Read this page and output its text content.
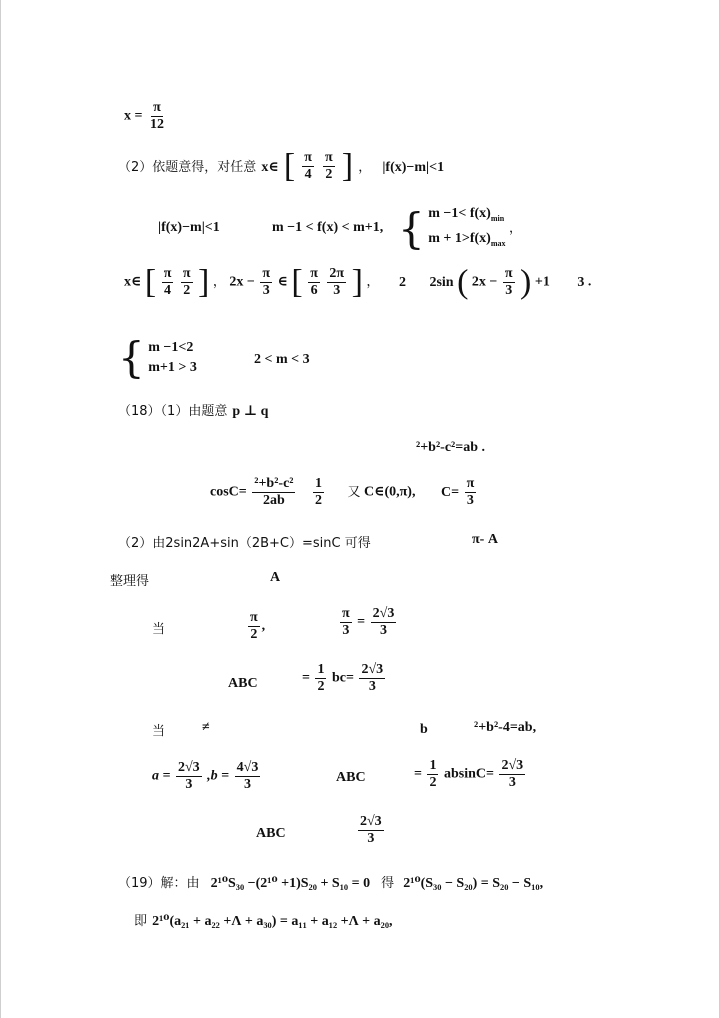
$x = \frac{\pi}{12}$
（2）依题意得，对任意 x∈ [ $\frac{\pi}{4}$
$\frac{\pi}{2}$ ] ， |f(x)−m|<1
|f(x)−m|<1	m −1 < f(x) < m+1, { $m -1< f(x)_{min}$
$m + 1>f(x)_{max}$
，
x∈ [ $\frac{\pi}{4}$
$\frac{\pi}{2}$ ] ， $2x - \frac{\pi}{3}$ ∈ [ $\frac{\pi}{6}$
$\frac{2\pi}{3}$ ] ， 2 2sin ( $2x - \frac{\pi}{3}$ ) +1 3 .
{ m −1<2
m+1 > 3
2 < m < 3
（18）（1）由题意 p ⊥ q
²+b²-c²=ab .
$\cos C= \frac{\text{²+b²-c²}}{2ab}$
$\frac{1}{2}$ 又 C∈(0,π), $C= \frac{\pi}{3}$
（2）由2sin2A+sin（2B+C）=sinC 可得	π- A
整理得	A
当	$\frac{\pi}{2}$ ,	$\frac{\pi}{3} = \frac{2√3}{3}$
ABC	= $\frac{1}{2} bc= \frac{2√3}{3}$
当	≠	b	²+b²-4=ab,
$a = \frac{2√3}{3} ,b = \frac{4√3}{3}$	ABC	= $\frac{1}{2} absinC= \frac{2√3}{3}$
ABC	$\frac{2√3}{3}$
（19）解：由 2¹⁰S₃₀ −(2¹⁰ +1)S₂₀ + S₁₀ = 0 得 2¹⁰(S₃₀ − S₂₀) = S₂₀ − S₁₀,
即 2¹⁰(a₂₁ + a₂₂ +Λ + a₃₀) = a₁₁ + a₁₂ +Λ + a₂₀,
